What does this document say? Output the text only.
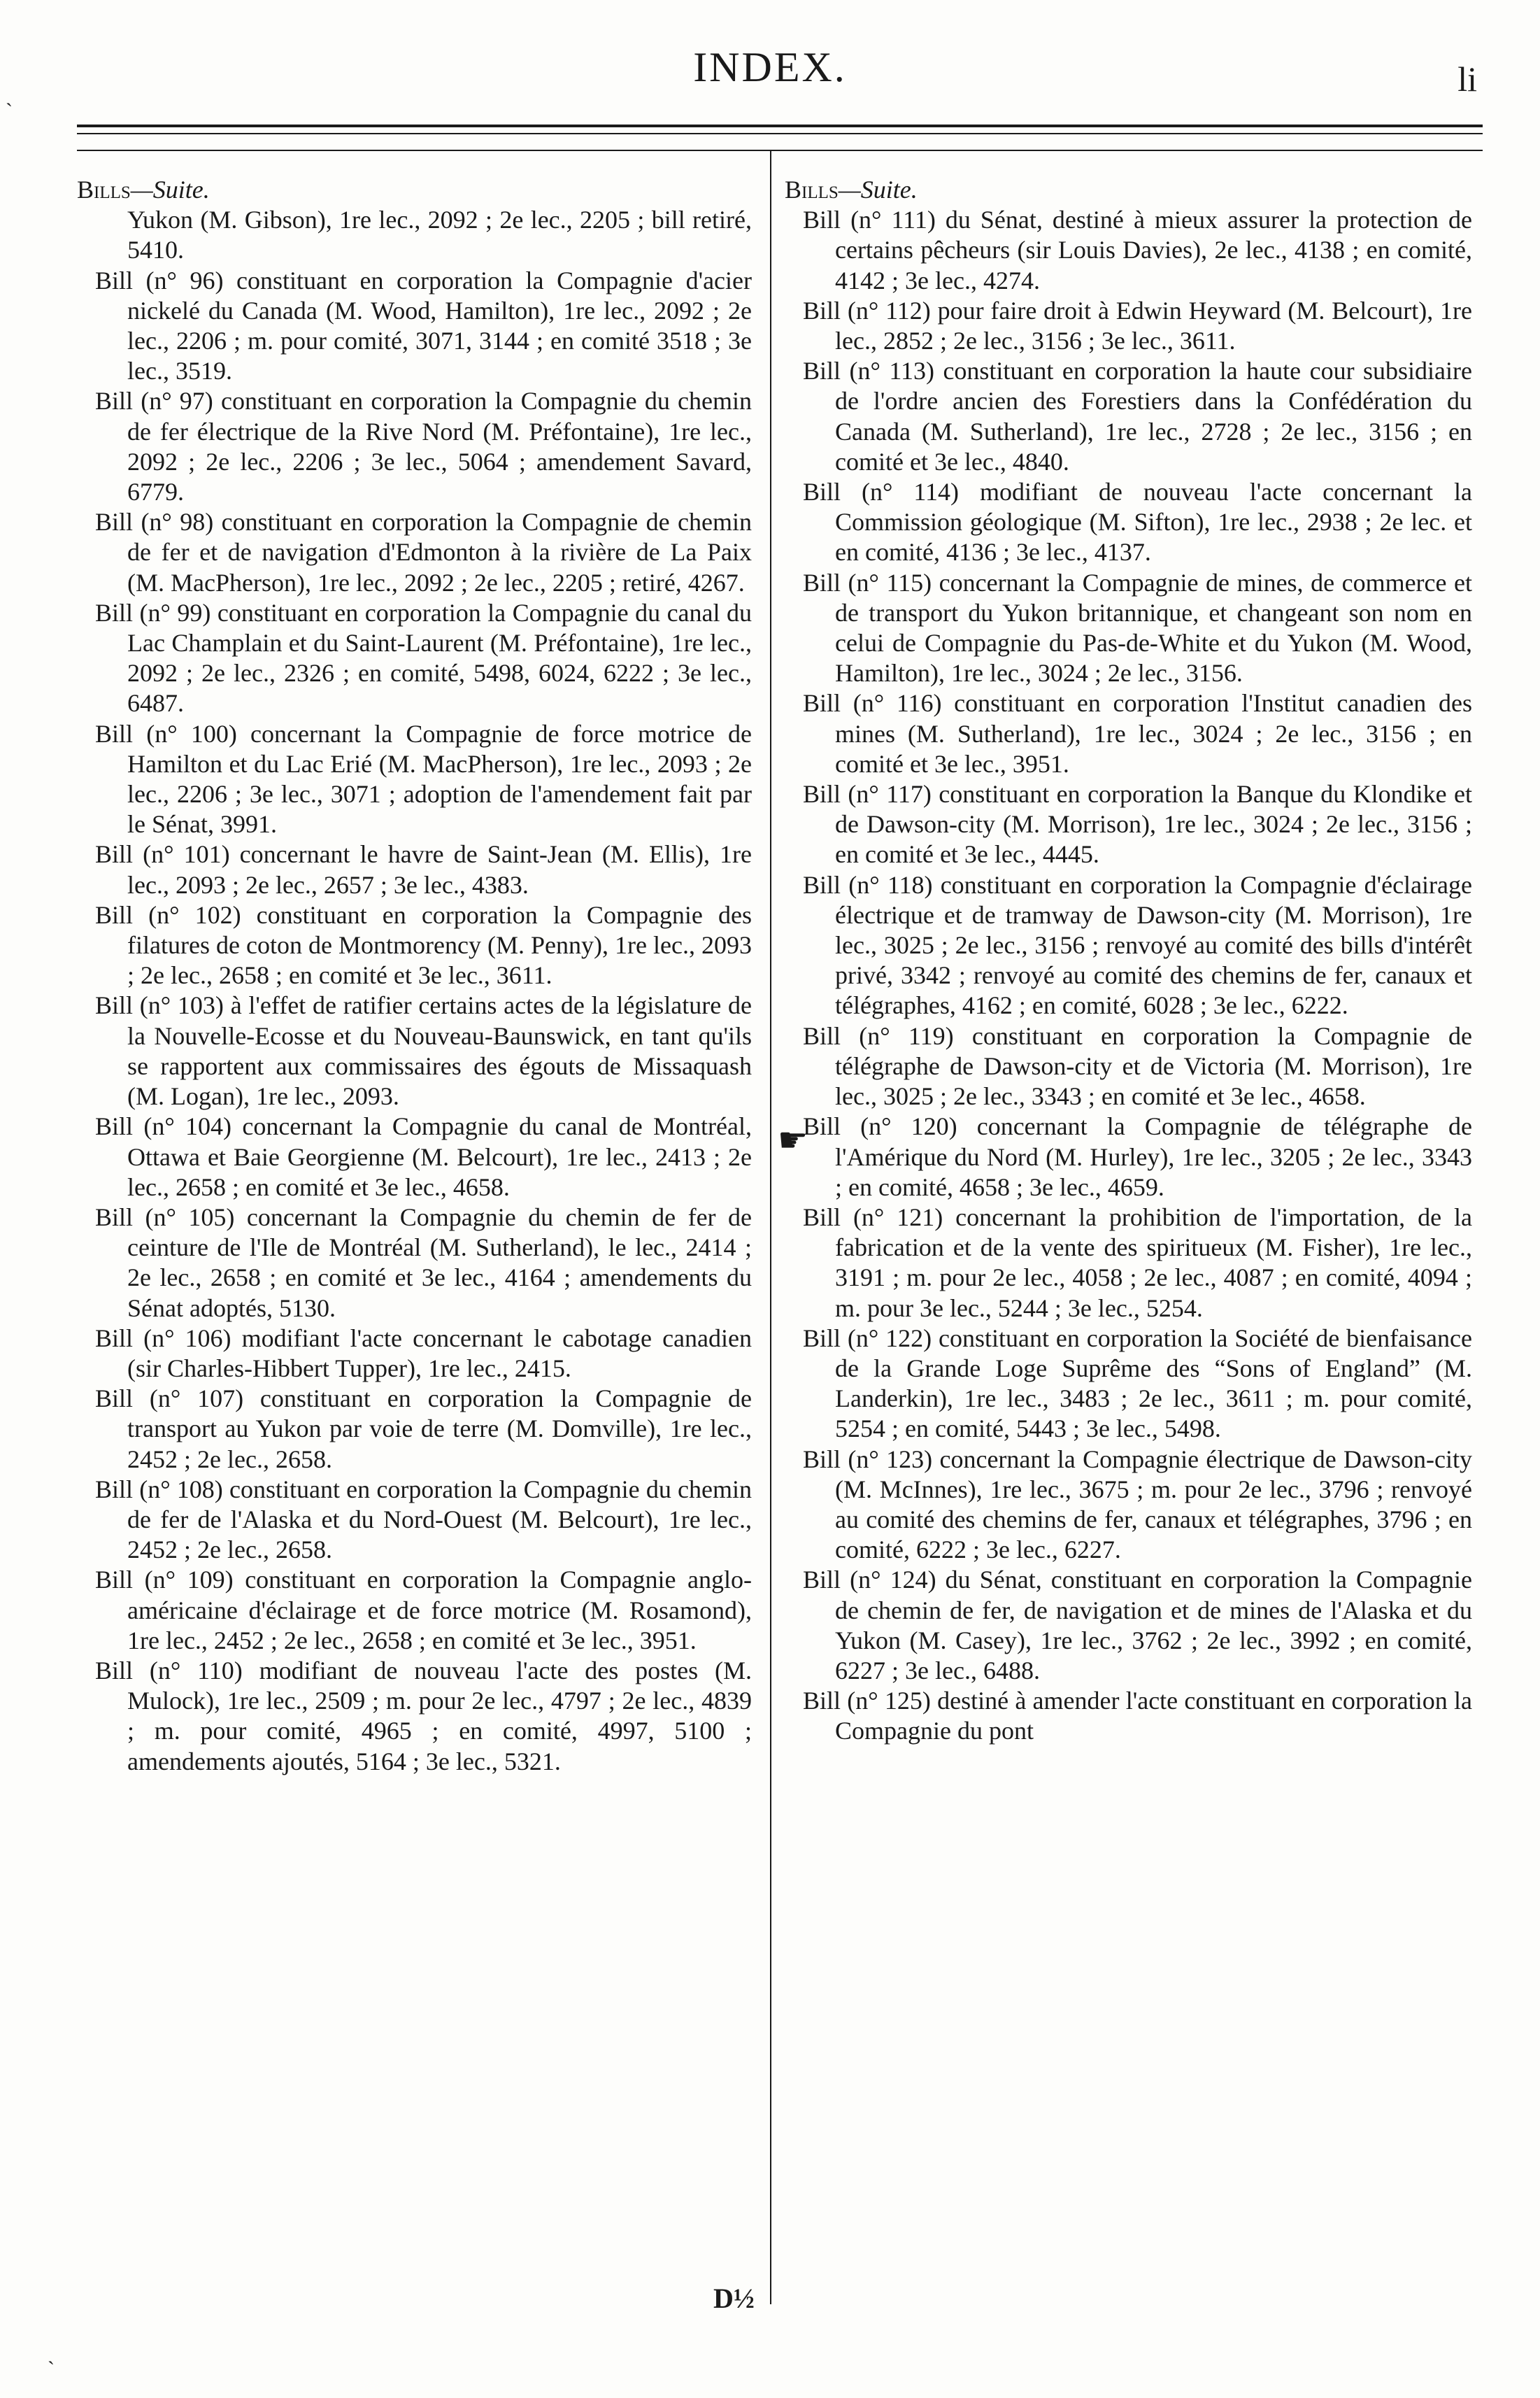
INDEX.	li
ˋ
ˋ

Bills—Suite.

Yukon (M. Gibson), 1re lec., 2092 ; 2e lec., 2205 ; bill retiré, 5410.

Bill (n° 96) constituant en corporation la Compagnie d'acier nickelé du Canada (M. Wood, Hamilton), 1re lec., 2092 ; 2e lec., 2206 ; m. pour comité, 3071, 3144 ; en comité 3518 ; 3e lec., 3519.

Bill (n° 97) constituant en corporation la Compagnie du chemin de fer électrique de la Rive Nord (M. Préfontaine), 1re lec., 2092 ; 2e lec., 2206 ; 3e lec., 5064 ; amendement Savard, 6779.

Bill (n° 98) constituant en corporation la Compagnie de chemin de fer et de navigation d'Edmonton à la rivière de La Paix (M. MacPherson), 1re lec., 2092 ; 2e lec., 2205 ; retiré, 4267.

Bill (n° 99) constituant en corporation la Compagnie du canal du Lac Champlain et du Saint-Laurent (M. Préfontaine), 1re lec., 2092 ; 2e lec., 2326 ; en comité, 5498, 6024, 6222 ; 3e lec., 6487.

Bill (n° 100) concernant la Compagnie de force motrice de Hamilton et du Lac Erié (M. MacPherson), 1re lec., 2093 ; 2e lec., 2206 ; 3e lec., 3071 ; adoption de l'amendement fait par le Sénat, 3991.

Bill (n° 101) concernant le havre de Saint-Jean (M. Ellis), 1re lec., 2093 ; 2e lec., 2657 ; 3e lec., 4383.

Bill (n° 102) constituant en corporation la Compagnie des filatures de coton de Montmorency (M. Penny), 1re lec., 2093 ; 2e lec., 2658 ; en comité et 3e lec., 3611.

Bill (n° 103) à l'effet de ratifier certains actes de la législature de la Nouvelle-Ecosse et du Nouveau-Baunswick, en tant qu'ils se rapportent aux commissaires des égouts de Missaquash (M. Logan), 1re lec., 2093.

Bill (n° 104) concernant la Compagnie du canal de Montréal, Ottawa et Baie Georgienne (M. Belcourt), 1re lec., 2413 ; 2e lec., 2658 ; en comité et 3e lec., 4658.

Bill (n° 105) concernant la Compagnie du chemin de fer de ceinture de l'Ile de Montréal (M. Sutherland), le lec., 2414 ; 2e lec., 2658 ; en comité et 3e lec., 4164 ; amendements du Sénat adoptés, 5130.

Bill (n° 106) modifiant l'acte concernant le cabotage canadien (sir Charles-Hibbert Tupper), 1re lec., 2415.

Bill (n° 107) constituant en corporation la Compagnie de transport au Yukon par voie de terre (M. Domville), 1re lec., 2452 ; 2e lec., 2658.

Bill (n° 108) constituant en corporation la Compagnie du chemin de fer de l'Alaska et du Nord-Ouest (M. Belcourt), 1re lec., 2452 ; 2e lec., 2658.

Bill (n° 109) constituant en corporation la Compagnie anglo-américaine d'éclairage et de force motrice (M. Rosamond), 1re lec., 2452 ; 2e lec., 2658 ; en comité et 3e lec., 3951.

Bill (n° 110) modifiant de nouveau l'acte des postes (M. Mulock), 1re lec., 2509 ; m. pour 2e lec., 4797 ; 2e lec., 4839 ; m. pour comité, 4965 ; en comité, 4997, 5100 ; amendements ajoutés, 5164 ; 3e lec., 5321.

Bills—Suite.

Bill (n° 111) du Sénat, destiné à mieux assurer la protection de certains pêcheurs (sir Louis Davies), 2e lec., 4138 ; en comité, 4142 ; 3e lec., 4274.

Bill (n° 112) pour faire droit à Edwin Heyward (M. Belcourt), 1re lec., 2852 ; 2e lec., 3156 ; 3e lec., 3611.

Bill (n° 113) constituant en corporation la haute cour subsidiaire de l'ordre ancien des Forestiers dans la Confédération du Canada (M. Sutherland), 1re lec., 2728 ; 2e lec., 3156 ; en comité et 3e lec., 4840.

Bill (n° 114) modifiant de nouveau l'acte concernant la Commission géologique (M. Sifton), 1re lec., 2938 ; 2e lec. et en comité, 4136 ; 3e lec., 4137.

Bill (n° 115) concernant la Compagnie de mines, de commerce et de transport du Yukon britannique, et changeant son nom en celui de Compagnie du Pas-de-White et du Yukon (M. Wood, Hamilton), 1re lec., 3024 ; 2e lec., 3156.

Bill (n° 116) constituant en corporation l'Institut canadien des mines (M. Sutherland), 1re lec., 3024 ; 2e lec., 3156 ; en comité et 3e lec., 3951.

Bill (n° 117) constituant en corporation la Banque du Klondike et de Dawson-city (M. Morrison), 1re lec., 3024 ; 2e lec., 3156 ; en comité et 3e lec., 4445.

Bill (n° 118) constituant en corporation la Compagnie d'éclairage électrique et de tramway de Dawson-city (M. Morrison), 1re lec., 3025 ; 2e lec., 3156 ; renvoyé au comité des bills d'intérêt privé, 3342 ; renvoyé au comité des chemins de fer, canaux et télégraphes, 4162 ; en comité, 6028 ; 3e lec., 6222.

Bill (n° 119) constituant en corporation la Compagnie de télégraphe de Dawson-city et de Victoria (M. Morrison), 1re lec., 3025 ; 2e lec., 3343 ; en comité et 3e lec., 4658.

Bill (n° 120) concernant la Compagnie de télégraphe de l'Amérique du Nord (M. Hurley), 1re lec., 3205 ; 2e lec., 3343 ; en comité, 4658 ; 3e lec., 4659.

Bill (n° 121) concernant la prohibition de l'importation, de la fabrication et de la vente des spiritueux (M. Fisher), 1re lec., 3191 ; m. pour 2e lec., 4058 ; 2e lec., 4087 ; en comité, 4094 ; m. pour 3e lec., 5244 ; 3e lec., 5254.

Bill (n° 122) constituant en corporation la Société de bienfaisance de la Grande Loge Suprême des “Sons of England” (M. Landerkin), 1re lec., 3483 ; 2e lec., 3611 ; m. pour comité, 5254 ; en comité, 5443 ; 3e lec., 5498.

Bill (n° 123) concernant la Compagnie électrique de Dawson-city (M. McInnes), 1re lec., 3675 ; m. pour 2e lec., 3796 ; renvoyé au comité des chemins de fer, canaux et télégraphes, 3796 ; en comité, 6222 ; 3e lec., 6227.

Bill (n° 124) du Sénat, constituant en corporation la Compagnie de chemin de fer, de navigation et de mines de l'Alaska et du Yukon (M. Casey), 1re lec., 3762 ; 2e lec., 3992 ; en comité, 6227 ; 3e lec., 6488.

Bill (n° 125) destiné à amender l'acte constituant en corporation la Compagnie du pont

☛
D½
